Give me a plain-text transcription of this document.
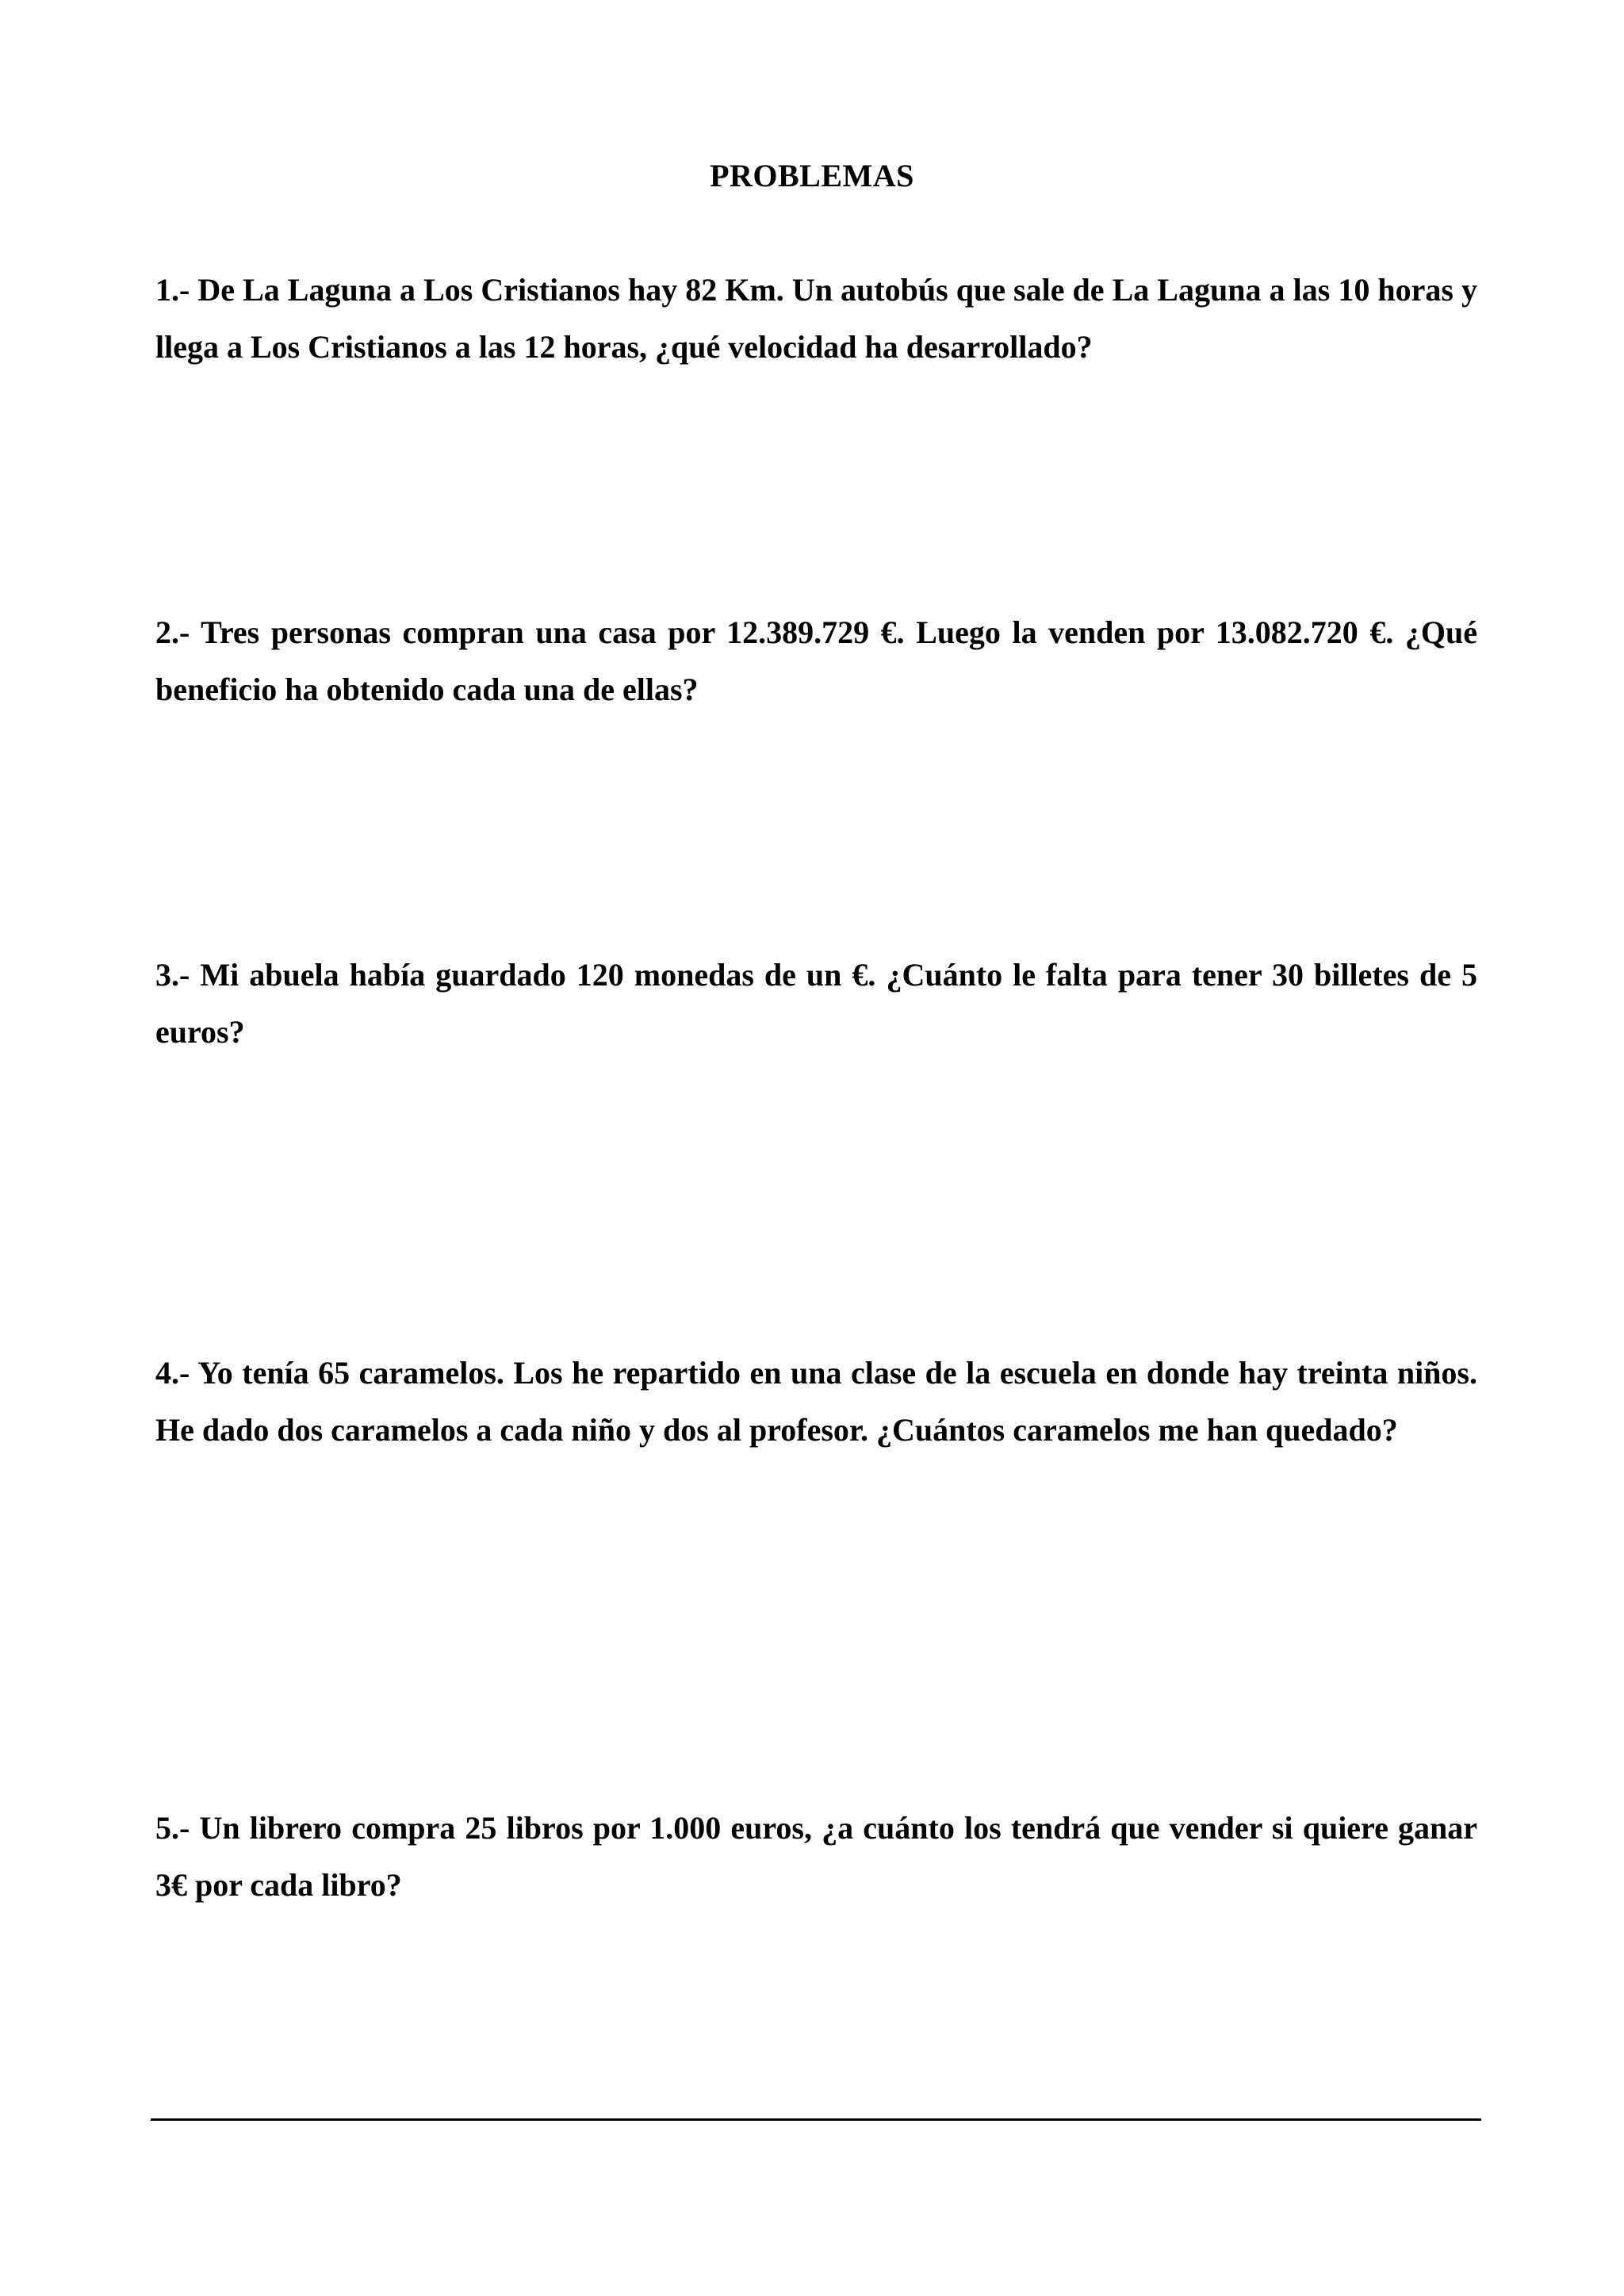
PROBLEMAS

1.- De La Laguna a Los Cristianos hay 82 Km. Un autobús que sale de La Laguna a las 10 horas y llega a Los Cristianos a las 12 horas, ¿qué velocidad ha desarrollado?

2.- Tres personas compran una casa por 12.389.729 €. Luego la venden por 13.082.720 €. ¿Qué beneficio ha obtenido cada una de ellas?

3.- Mi abuela había guardado 120 monedas de un €. ¿Cuánto le falta para tener 30 billetes de 5 euros?

4.- Yo tenía 65 caramelos. Los he repartido en una clase de la escuela en donde hay treinta niños. He dado dos caramelos a cada niño y dos al profesor. ¿Cuántos caramelos me han quedado?

5.- Un librero compra 25 libros por 1.000 euros, ¿a cuánto los tendrá que vender si quiere ganar 3€ por cada libro?
